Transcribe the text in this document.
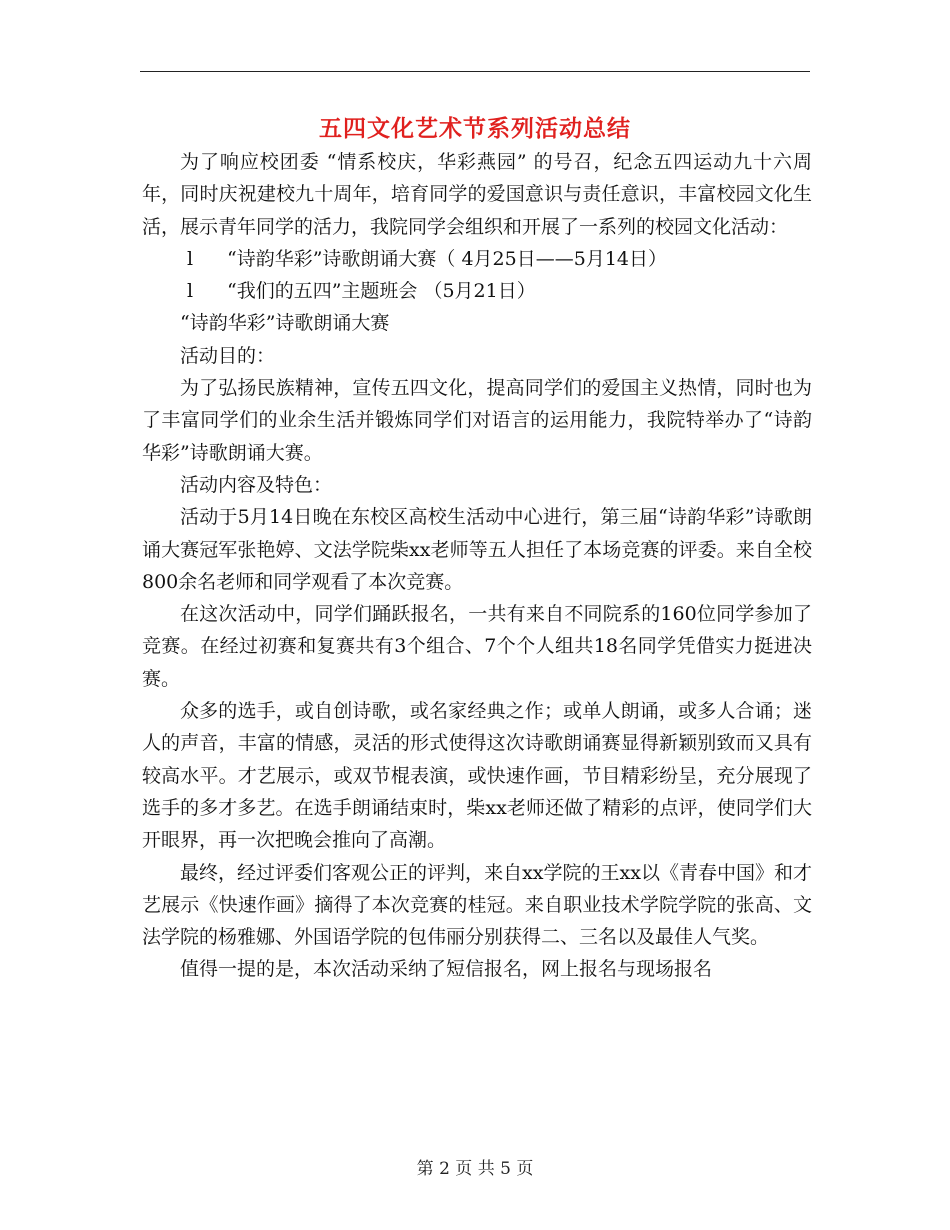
五四文化艺术节系列活动总结

为了响应校团委 “情系校庆，华彩燕园” 的号召，纪念五四运动九十六周年，同时庆祝建校九十周年，培育同学的爱国意识与责任意识，丰富校园文化生活，展示青年同学的活力，我院同学会组织和开展了一系列的校园文化活动：

l “诗韵华彩”诗歌朗诵大赛（ 4月25日——5月14日）

l “我们的五四”主题班会 （5月21日）

“诗韵华彩”诗歌朗诵大赛

活动目的：

为了弘扬民族精神，宣传五四文化，提高同学们的爱国主义热情，同时也为了丰富同学们的业余生活并锻炼同学们对语言的运用能力，我院特举办了“诗韵华彩”诗歌朗诵大赛。

活动内容及特色：

活动于5月14日晚在东校区高校生活动中心进行，第三届“诗韵华彩”诗歌朗诵大赛冠军张艳婷、文法学院柴xx老师等五人担任了本场竞赛的评委。来自全校800余名老师和同学观看了本次竞赛。

在这次活动中，同学们踊跃报名，一共有来自不同院系的160位同学参加了竞赛。在经过初赛和复赛共有3个组合、7个个人组共18名同学凭借实力挺进决赛。

众多的选手，或自创诗歌，或名家经典之作；或单人朗诵，或多人合诵；迷人的声音，丰富的情感，灵活的形式使得这次诗歌朗诵赛显得新颖别致而又具有较高水平。才艺展示，或双节棍表演，或快速作画，节目精彩纷呈，充分展现了选手的多才多艺。在选手朗诵结束时，柴xx老师还做了精彩的点评，使同学们大开眼界，再一次把晚会推向了高潮。

最终，经过评委们客观公正的评判，来自xx学院的王xx以《青春中国》和才艺展示《快速作画》摘得了本次竞赛的桂冠。来自职业技术学院学院的张高、文法学院的杨雅娜、外国语学院的包伟丽分别获得二、三名以及最佳人气奖。

值得一提的是，本次活动采纳了短信报名，网上报名与现场报名

第 2 页 共 5 页
